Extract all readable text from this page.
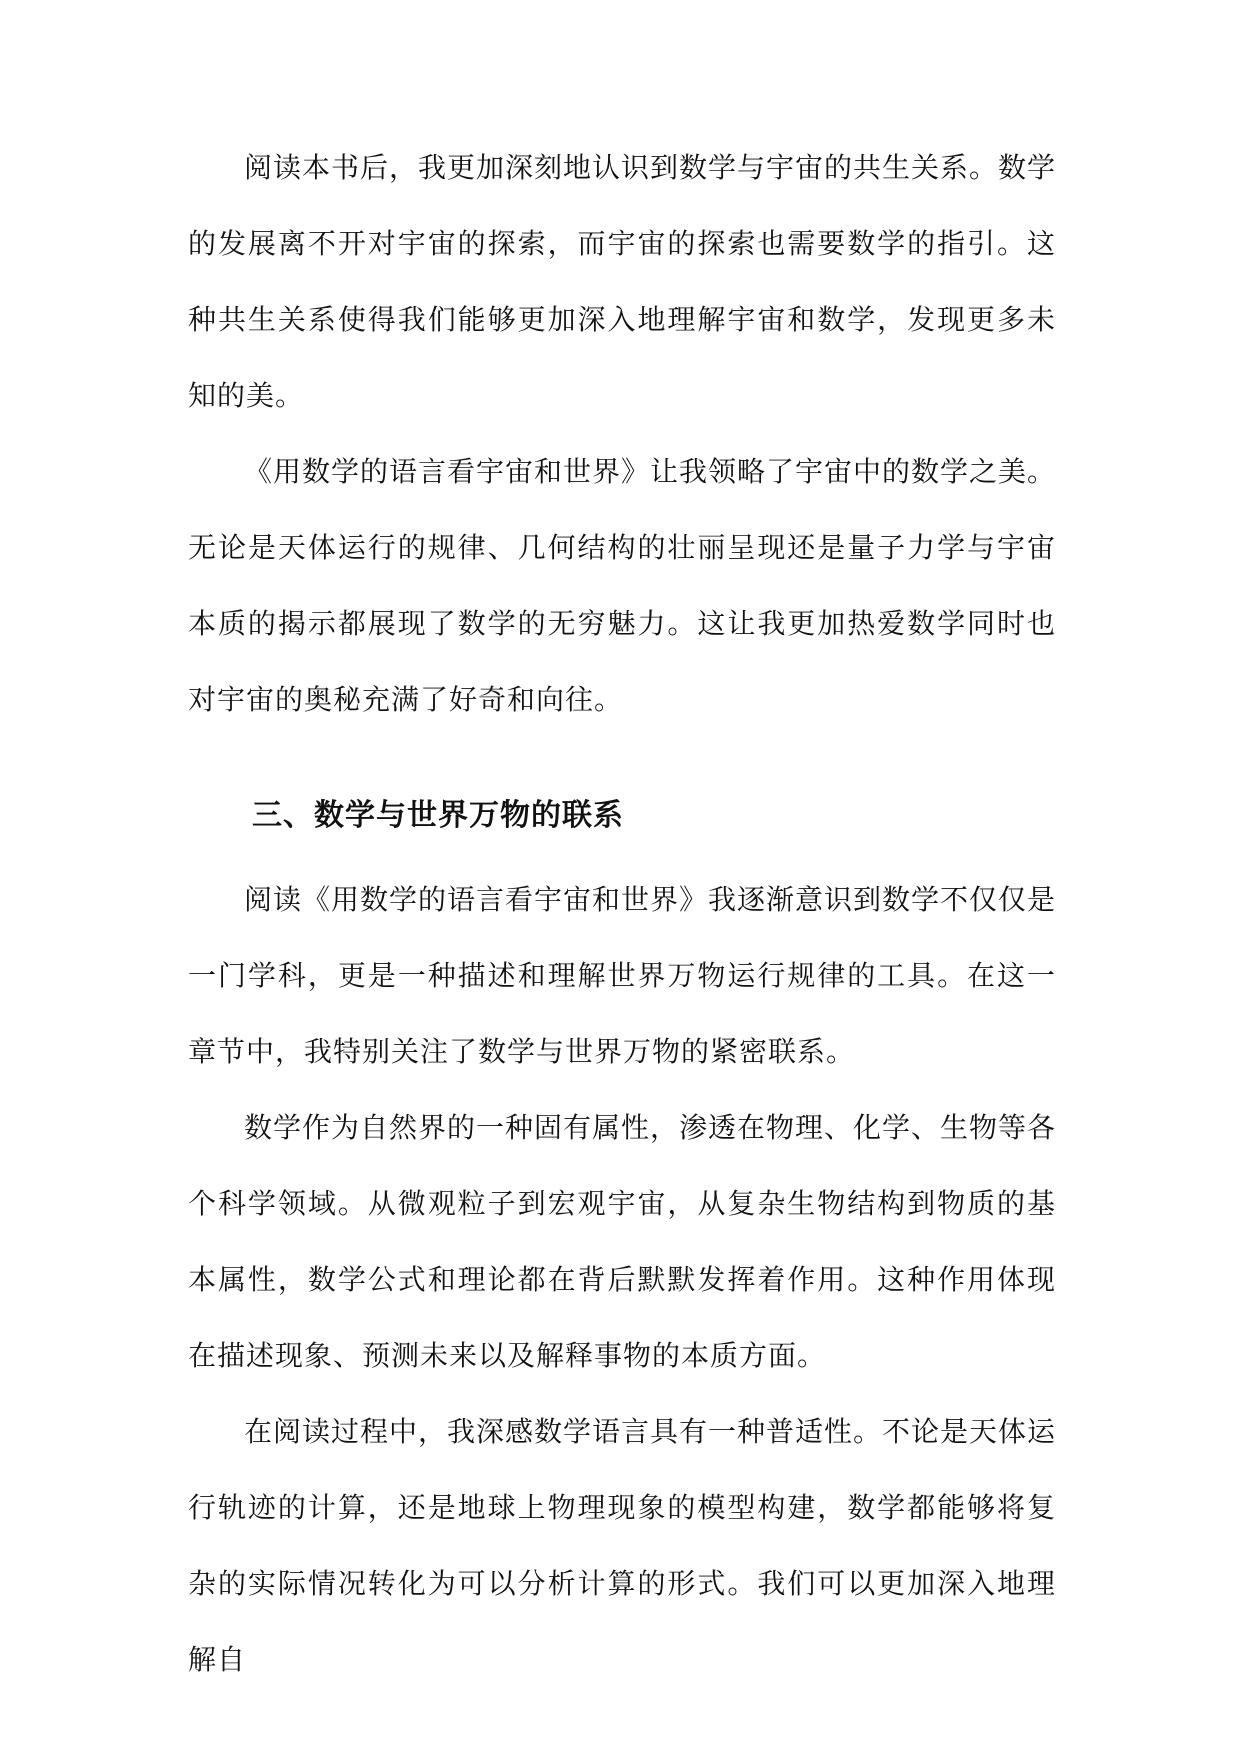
阅读本书后，我更加深刻地认识到数学与宇宙的共生关系。数学的发展离不开对宇宙的探索，而宇宙的探索也需要数学的指引。这种共生关系使得我们能够更加深入地理解宇宙和数学，发现更多未知的美。

《用数学的语言看宇宙和世界》让我领略了宇宙中的数学之美。无论是天体运行的规律、几何结构的壮丽呈现还是量子力学与宇宙本质的揭示都展现了数学的无穷魅力。这让我更加热爱数学同时也对宇宙的奥秘充满了好奇和向往。

三、数学与世界万物的联系

阅读《用数学的语言看宇宙和世界》我逐渐意识到数学不仅仅是一门学科，更是一种描述和理解世界万物运行规律的工具。在这一章节中，我特别关注了数学与世界万物的紧密联系。

数学作为自然界的一种固有属性，渗透在物理、化学、生物等各个科学领域。从微观粒子到宏观宇宙，从复杂生物结构到物质的基本属性，数学公式和理论都在背后默默发挥着作用。这种作用体现在描述现象、预测未来以及解释事物的本质方面。

在阅读过程中，我深感数学语言具有一种普适性。不论是天体运行轨迹的计算，还是地球上物理现象的模型构建，数学都能够将复杂的实际情况转化为可以分析计算的形式。我们可以更加深入地理解自
